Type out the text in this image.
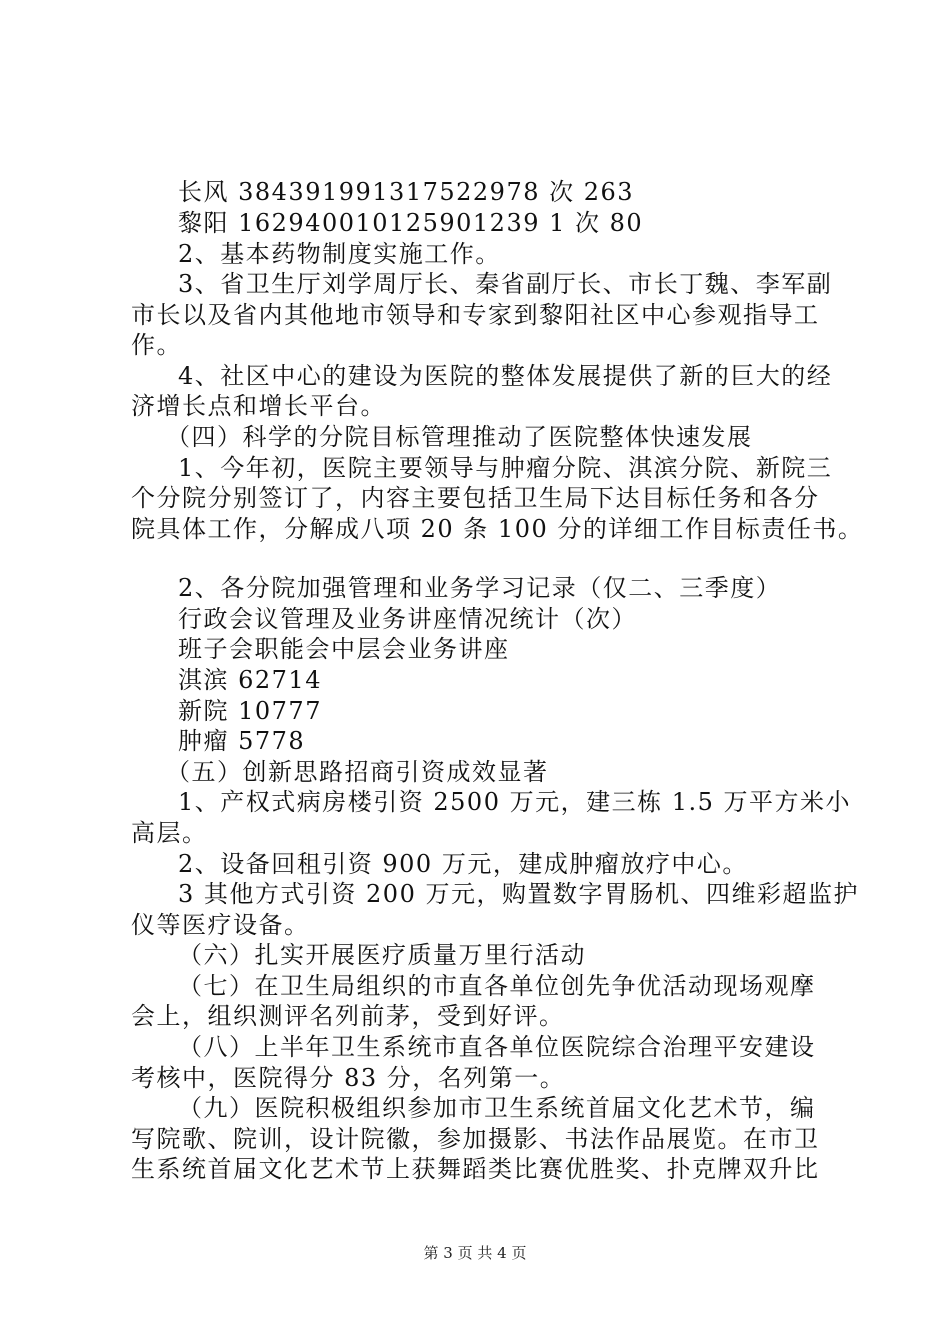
长风 384391991317522978 次 263
黎阳 162940010125901239 1 次 80
2、基本药物制度实施工作。
3、省卫生厅刘学周厅长、秦省副厅长、市长丁魏、李军副
市长以及省内其他地市领导和专家到黎阳社区中心参观指导工
作。
4、社区中心的建设为医院的整体发展提供了新的巨大的经
济增长点和增长平台。
（四）科学的分院目标管理推动了医院整体快速发展
1、今年初，医院主要领导与肿瘤分院、淇滨分院、新院三
个分院分别签订了，内容主要包括卫生局下达目标任务和各分
院具体工作，分解成八项 20 条 100 分的详细工作目标责任书。
2、各分院加强管理和业务学习记录（仅二、三季度）
行政会议管理及业务讲座情况统计（次）
班子会职能会中层会业务讲座
淇滨 62714
新院 10777
肿瘤 5778
（五）创新思路招商引资成效显著
1、产权式病房楼引资 2500 万元，建三栋 1.5 万平方米小
高层。
2、设备回租引资 900 万元，建成肿瘤放疗中心。
3 其他方式引资 200 万元，购置数字胃肠机、四维彩超监护
仪等医疗设备。
（六）扎实开展医疗质量万里行活动
（七）在卫生局组织的市直各单位创先争优活动现场观摩
会上，组织测评名列前茅，受到好评。
（八）上半年卫生系统市直各单位医院综合治理平安建设
考核中，医院得分 83 分，名列第一。
（九）医院积极组织参加市卫生系统首届文化艺术节，编
写院歌、院训，设计院徽，参加摄影、书法作品展览。在市卫
生系统首届文化艺术节上获舞蹈类比赛优胜奖、扑克牌双升比
第 3 页 共 4 页
